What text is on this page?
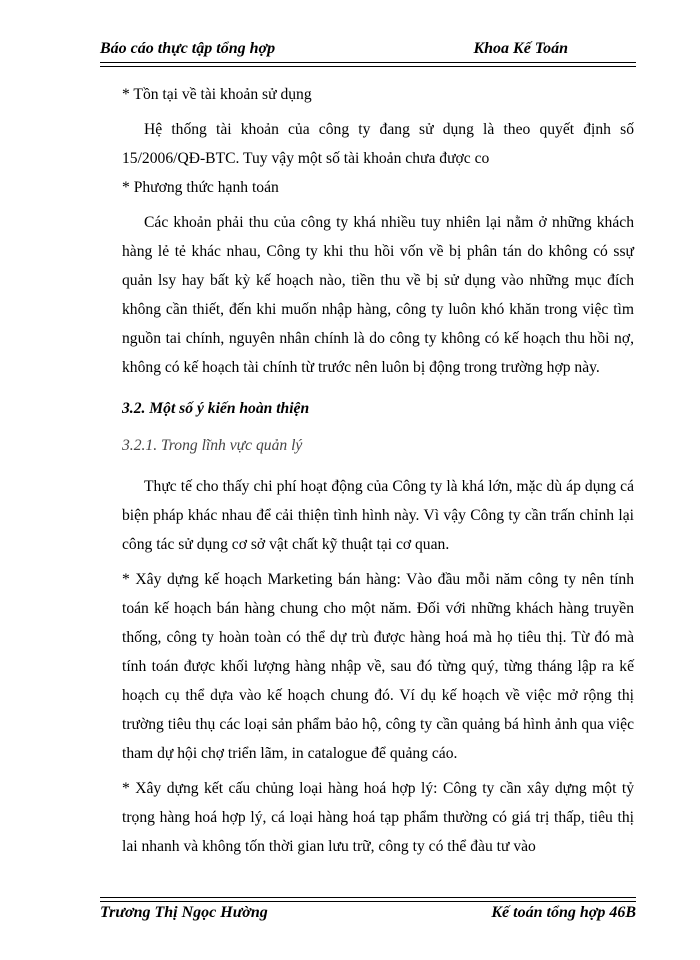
Báo cáo thực tập tổng hợp	Khoa Kế Toán

* Tồn tại về tài khoản sử dụng

Hệ thống tài khoản của công ty đang sử dụng là theo quyết định số 15/2006/QĐ-BTC. Tuy vậy một số tài khoản chưa được co

* Phương thức hạnh toán

Các khoản phải thu của công ty khá nhiều tuy nhiên lại nằm ở những khách hàng lẻ tẻ khác nhau, Công ty khi thu hồi vốn về bị phân tán do không có ssự quản lsy hay bất kỳ kế hoạch nào, tiền thu về bị sử dụng vào những mục đích không cần thiết, đến khi muốn nhập hàng, công ty luôn khó khăn trong việc tìm nguồn tai chính, nguyên nhân chính là do công ty không có kế hoạch thu hồi nợ, không có kế hoạch tài chính từ trước nên luôn bị động trong trường hợp này.

3.2. Một số ý kiến hoàn thiện

3.2.1. Trong lĩnh vực quản lý

Thực tế cho thấy chi phí hoạt động của Công ty là khá lớn, mặc dù áp dụng cá biện pháp khác nhau để cải thiện tình hình này. Vì vậy Công ty cần trấn chỉnh lại công tác sử dụng cơ sở vật chất kỹ thuật tại cơ quan.

* Xây dựng kế hoạch Marketing bán hàng: Vào đầu mỗi năm công ty nên tính toán kế hoạch bán hàng chung cho một năm. Đối với những khách hàng truyền thống, công ty hoàn toàn có thể dự trù được hàng hoá mà họ tiêu thị. Từ đó mà tính toán được khối lượng hàng nhập về, sau đó từng quý, từng tháng lập ra kế hoạch cụ thể dựa vào kế hoạch chung đó. Ví dụ kế hoạch về việc mở rộng thị trường tiêu thụ các loại sản phẩm bảo hộ, công ty cần quảng bá hình ảnh qua việc tham dự hội chợ triển lãm, in catalogue để quảng cáo.

* Xây dựng kết cấu chủng loại hàng hoá hợp lý: Công ty cần xây dựng một tỷ trọng hàng hoá hợp lý, cá loại hàng hoá tạp phẩm thường có giá trị thấp, tiêu thị lai nhanh và không tốn thời gian lưu trữ, công ty có thể đàu tư vào

Trương Thị Ngọc Hường	Kế toán tổng hợp 46B
